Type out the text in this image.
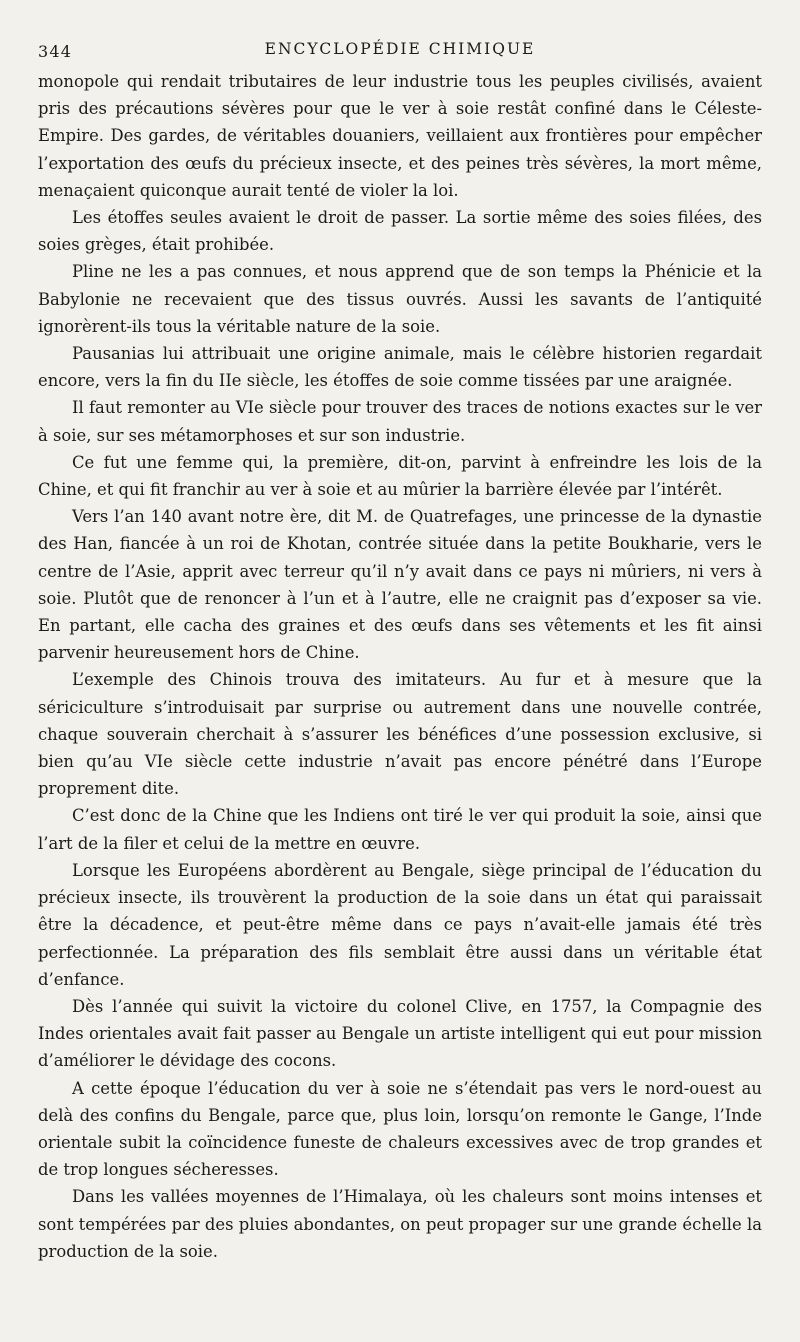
344	ENCYCLOPÉDIE CHIMIQUE

monopole qui rendait tributaires de leur industrie tous les peuples civilisés, avaient pris des précautions sévères pour que le ver à soie restât confiné dans le Céleste-Empire. Des gardes, de véritables douaniers, veillaient aux frontières pour empêcher l’exportation des œufs du précieux insecte, et des peines très sévères, la mort même, menaçaient quiconque aurait tenté de violer la loi.

Les étoffes seules avaient le droit de passer. La sortie même des soies filées, des soies grèges, était prohibée.

Pline ne les a pas connues, et nous apprend que de son temps la Phénicie et la Babylonie ne recevaient que des tissus ouvrés. Aussi les savants de l’antiquité ignorèrent-ils tous la véritable nature de la soie.

Pausanias lui attribuait une origine animale, mais le célèbre historien regardait encore, vers la fin du IIe siècle, les étoffes de soie comme tissées par une araignée.

Il faut remonter au VIe siècle pour trouver des traces de notions exactes sur le ver à soie, sur ses métamorphoses et sur son industrie.

Ce fut une femme qui, la première, dit-on, parvint à enfreindre les lois de la Chine, et qui fit franchir au ver à soie et au mûrier la barrière élevée par l’intérêt.

Vers l’an 140 avant notre ère, dit M. de Quatrefages, une princesse de la dynastie des Han, fiancée à un roi de Khotan, contrée située dans la petite Boukharie, vers le centre de l’Asie, apprit avec terreur qu’il n’y avait dans ce pays ni mûriers, ni vers à soie. Plutôt que de renoncer à l’un et à l’autre, elle ne craignit pas d’exposer sa vie. En partant, elle cacha des graines et des œufs dans ses vêtements et les fit ainsi parvenir heureusement hors de Chine.

L’exemple des Chinois trouva des imitateurs. Au fur et à mesure que la sériciculture s’introduisait par surprise ou autrement dans une nouvelle contrée, chaque souverain cherchait à s’assurer les bénéfices d’une possession exclusive, si bien qu’au VIe siècle cette industrie n’avait pas encore pénétré dans l’Europe proprement dite.

C’est donc de la Chine que les Indiens ont tiré le ver qui produit la soie, ainsi que l’art de la filer et celui de la mettre en œuvre.

Lorsque les Européens abordèrent au Bengale, siège principal de l’éducation du précieux insecte, ils trouvèrent la production de la soie dans un état qui paraissait être la décadence, et peut-être même dans ce pays n’avait-elle jamais été très perfectionnée. La préparation des fils semblait être aussi dans un véritable état d’enfance.

Dès l’année qui suivit la victoire du colonel Clive, en 1757, la Compagnie des Indes orientales avait fait passer au Bengale un artiste intelligent qui eut pour mission d’améliorer le dévidage des cocons.

A cette époque l’éducation du ver à soie ne s’étendait pas vers le nord-ouest au delà des confins du Bengale, parce que, plus loin, lorsqu’on remonte le Gange, l’Inde orientale subit la coïncidence funeste de chaleurs excessives avec de trop grandes et de trop longues sécheresses.

Dans les vallées moyennes de l’Himalaya, où les chaleurs sont moins intenses et sont tempérées par des pluies abondantes, on peut propager sur une grande échelle la production de la soie.
